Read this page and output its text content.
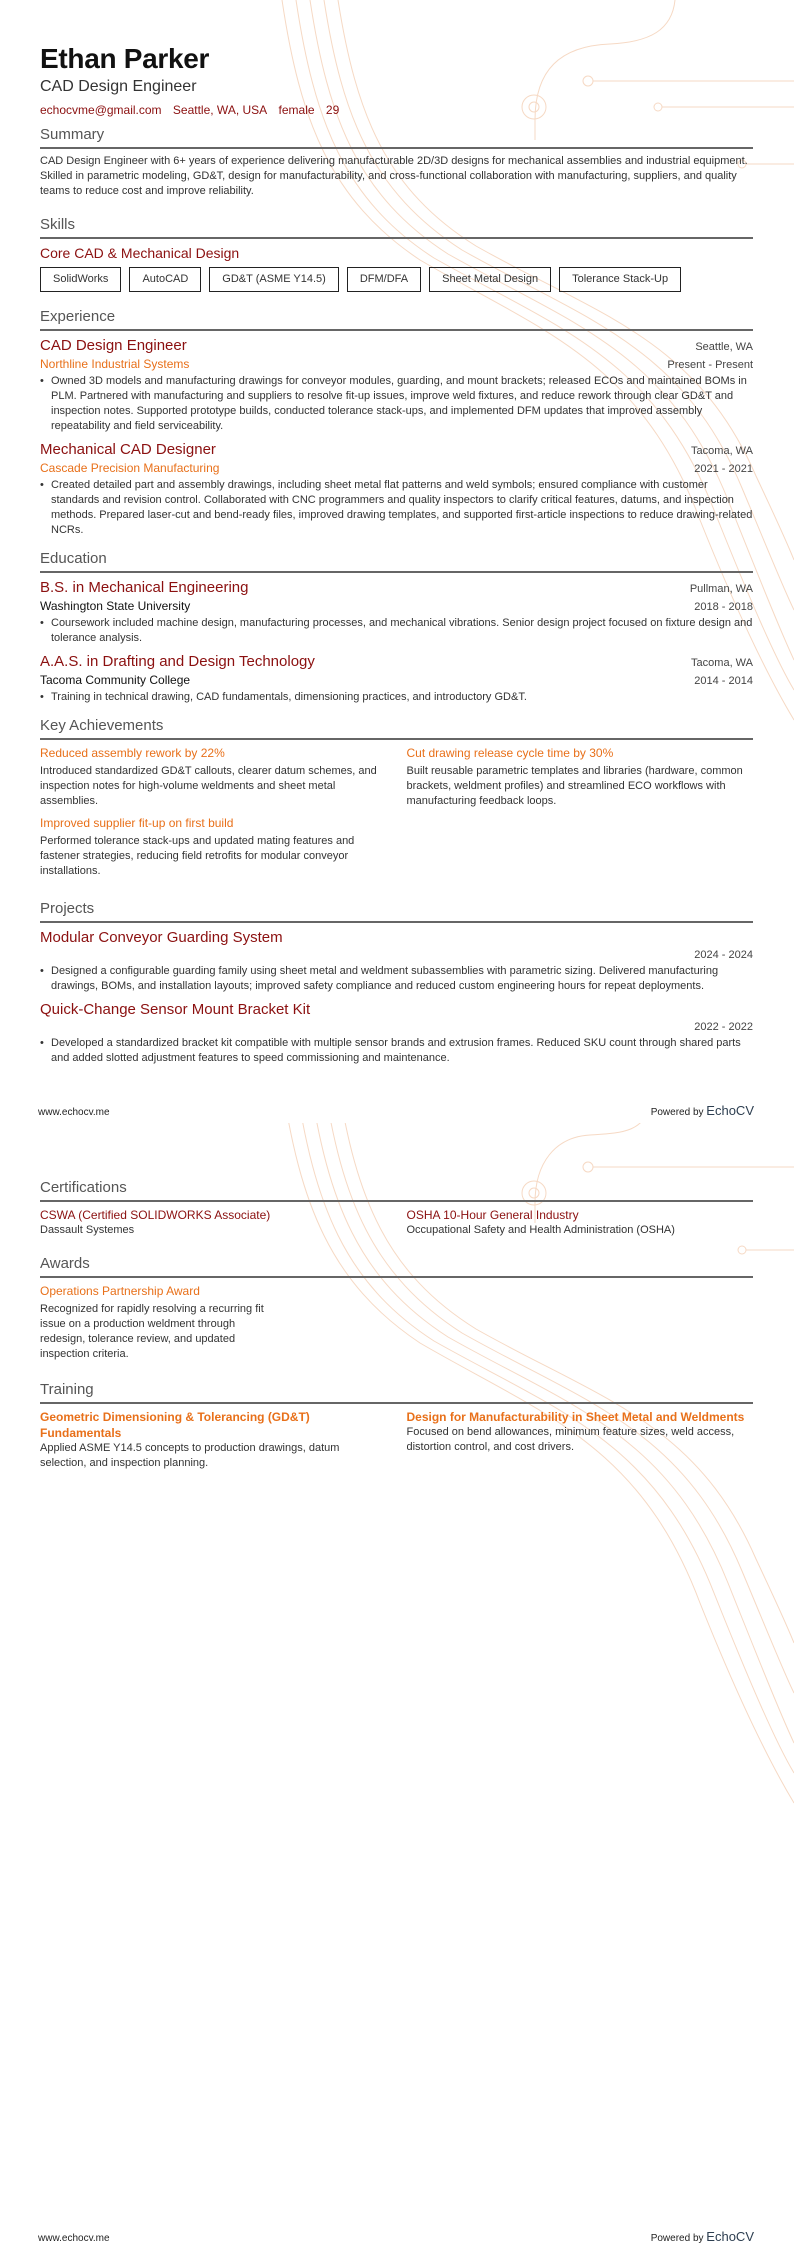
Ethan Parker
CAD Design Engineer
echocvme@gmail.com Seattle, WA, USA female 29
Summary
CAD Design Engineer with 6+ years of experience delivering manufacturable 2D/3D designs for mechanical assemblies and industrial equipment. Skilled in parametric modeling, GD&T, design for manufacturability, and cross-functional collaboration with manufacturing, suppliers, and quality teams to reduce cost and improve reliability.
Skills
Core CAD & Mechanical Design
SolidWorks	AutoCAD	GD&T (ASME Y14.5)	DFM/DFA	Sheet Metal Design	Tolerance Stack-Up
Experience
CAD Design Engineer	Seattle, WA
Northline Industrial Systems	Present - Present
• Owned 3D models and manufacturing drawings for conveyor modules, guarding, and mount brackets; released ECOs and maintained BOMs in PLM. Partnered with manufacturing and suppliers to resolve fit-up issues, improve weld fixtures, and reduce rework through clear GD&T and inspection notes. Supported prototype builds, conducted tolerance stack-ups, and implemented DFM updates that improved assembly repeatability and field serviceability.
Mechanical CAD Designer	Tacoma, WA
Cascade Precision Manufacturing	2021 - 2021
• Created detailed part and assembly drawings, including sheet metal flat patterns and weld symbols; ensured compliance with customer standards and revision control. Collaborated with CNC programmers and quality inspectors to clarify critical features, datums, and inspection methods. Prepared laser-cut and bend-ready files, improved drawing templates, and supported first-article inspections to reduce drawing-related NCRs.
Education
B.S. in Mechanical Engineering	Pullman, WA
Washington State University	2018 - 2018
• Coursework included machine design, manufacturing processes, and mechanical vibrations. Senior design project focused on fixture design and tolerance analysis.
A.A.S. in Drafting and Design Technology	Tacoma, WA
Tacoma Community College	2014 - 2014
• Training in technical drawing, CAD fundamentals, dimensioning practices, and introductory GD&T.
Key Achievements
Reduced assembly rework by 22%
Introduced standardized GD&T callouts, clearer datum schemes, and inspection notes for high-volume weldments and sheet metal assemblies.
Cut drawing release cycle time by 30%
Built reusable parametric templates and libraries (hardware, common brackets, weldment profiles) and streamlined ECO workflows with manufacturing feedback loops.
Improved supplier fit-up on first build
Performed tolerance stack-ups and updated mating features and fastener strategies, reducing field retrofits for modular conveyor installations.
Projects
Modular Conveyor Guarding System
2024 - 2024
• Designed a configurable guarding family using sheet metal and weldment subassemblies with parametric sizing. Delivered manufacturing drawings, BOMs, and installation layouts; improved safety compliance and reduced custom engineering hours for repeat deployments.
Quick-Change Sensor Mount Bracket Kit
2022 - 2022
• Developed a standardized bracket kit compatible with multiple sensor brands and extrusion frames. Reduced SKU count through shared parts and added slotted adjustment features to speed commissioning and maintenance.
www.echocv.me	Powered by EchoCV
Certifications
CSWA (Certified SOLIDWORKS Associate)
Dassault Systemes
OSHA 10-Hour General Industry
Occupational Safety and Health Administration (OSHA)
Awards
Operations Partnership Award
Recognized for rapidly resolving a recurring fit issue on a production weldment through redesign, tolerance review, and updated inspection criteria.
Training
Geometric Dimensioning & Tolerancing (GD&T) Fundamentals
Applied ASME Y14.5 concepts to production drawings, datum selection, and inspection planning.
Design for Manufacturability in Sheet Metal and Weldments
Focused on bend allowances, minimum feature sizes, weld access, distortion control, and cost drivers.
www.echocv.me	Powered by EchoCV
